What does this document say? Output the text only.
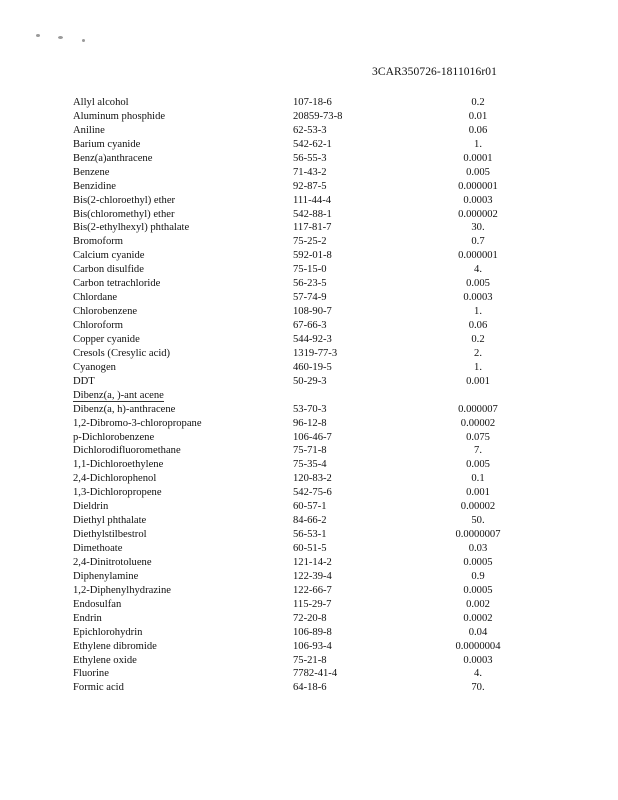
3CAR350726-1811016r01
Allyl alcohol	107-18-6	0.2
Aluminum phosphide	20859-73-8	0.01
Aniline	62-53-3	0.06
Barium cyanide	542-62-1	1.
Benz(a)anthracene	56-55-3	0.0001
Benzene	71-43-2	0.005
Benzidine	92-87-5	0.000001
Bis(2-chloroethyl) ether	111-44-4	0.0003
Bis(chloromethyl) ether	542-88-1	0.000002
Bis(2-ethylhexyl) phthalate	117-81-7	30.
Bromoform	75-25-2	0.7
Calcium cyanide	592-01-8	0.000001
Carbon disulfide	75-15-0	4.
Carbon tetrachloride	56-23-5	0.005
Chlordane	57-74-9	0.0003
Chlorobenzene	108-90-7	1.
Chloroform	67-66-3	0.06
Copper cyanide	544-92-3	0.2
Cresols (Cresylic acid)	1319-77-3	2.
Cyanogen	460-19-5	1.
DDT	50-29-3	0.001
Dibenz(a, )-ant acene
Dibenz(a, h)-anthracene	53-70-3	0.000007
1,2-Dibromo-3-chloropropane	96-12-8	0.00002
p-Dichlorobenzene	106-46-7	0.075
Dichlorodifluoromethane	75-71-8	7.
1,1-Dichloroethylene	75-35-4	0.005
2,4-Dichlorophenol	120-83-2	0.1
1,3-Dichloropropene	542-75-6	0.001
Dieldrin	60-57-1	0.00002
Diethyl phthalate	84-66-2	50.
Diethylstilbestrol	56-53-1	0.0000007
Dimethoate	60-51-5	0.03
2,4-Dinitrotoluene	121-14-2	0.0005
Diphenylamine	122-39-4	0.9
1,2-Diphenylhydrazine	122-66-7	0.0005
Endosulfan	115-29-7	0.002
Endrin	72-20-8	0.0002
Epichlorohydrin	106-89-8	0.04
Ethylene dibromide	106-93-4	0.0000004
Ethylene oxide	75-21-8	0.0003
Fluorine	7782-41-4	4.
Formic acid	64-18-6	70.
